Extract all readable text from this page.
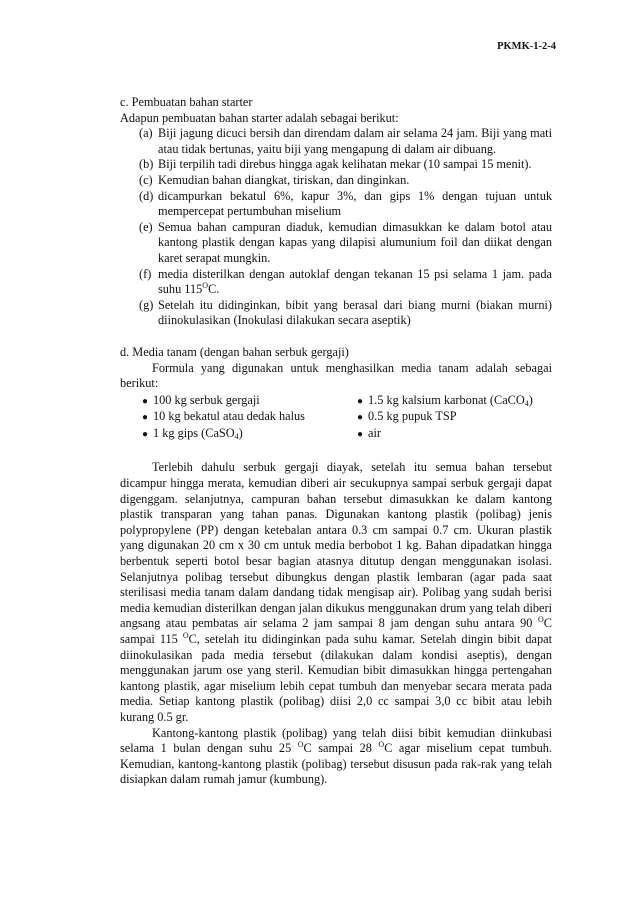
PKMK-1-2-4

c. Pembuatan bahan starter

Adapun pembuatan bahan starter adalah sebagai berikut:

(a) Biji jagung dicuci bersih dan direndam dalam air selama 24 jam. Biji yang mati atau tidak bertunas, yaitu biji yang mengapung di dalam air dibuang.
(b) Biji terpilih tadi direbus hingga agak kelihatan mekar (10 sampai 15 menit).
(c) Kemudian bahan diangkat, tiriskan, dan dinginkan.
(d) dicampurkan bekatul 6%, kapur 3%, dan gips 1% dengan tujuan untuk mempercepat pertumbuhan miselium
(e) Semua bahan campuran diaduk, kemudian dimasukkan ke dalam botol atau kantong plastik dengan kapas yang dilapisi alumunium foil dan diikat dengan karet serapat mungkin.
(f) media disterilkan dengan autoklaf dengan tekanan 15 psi selama 1 jam. pada suhu $115^OC$.
(g) Setelah itu didinginkan, bibit yang berasal dari biang murni (biakan murni) diinokulasikan (Inokulasi dilakukan secara aseptik)

d. Media tanam (dengan bahan serbuk gergaji)

Formula yang digunakan untuk menghasilkan media tanam adalah sebagai berikut:

● 100 kg serbuk gergaji	● 1.5 kg kalsium karbonat (CaCO$_4$)
● 10 kg bekatul atau dedak halus	● 0.5 kg pupuk TSP
● 1 kg gips (CaSO$_4$)	● air

Terlebih dahulu serbuk gergaji diayak, setelah itu semua bahan tersebut dicampur hingga merata, kemudian diberi air secukupnya sampai serbuk gergaji dapat digenggam. selanjutnya, campuran bahan tersebut dimasukkan ke dalam kantong plastik transparan yang tahan panas. Digunakan kantong plastik (polibag) jenis polypropylene (PP) dengan ketebalan antara 0.3 cm sampai 0.7 cm. Ukuran plastik yang digunakan 20 cm x 30 cm untuk media berbobot 1 kg. Bahan dipadatkan hingga berbentuk seperti botol besar bagian atasnya ditutup dengan menggunakan isolasi. Selanjutnya polibag tersebut dibungkus dengan plastik lembaran (agar pada saat sterilisasi media tanam dalam dandang tidak mengisap air). Polibag yang sudah berisi media kemudian disterilkan dengan jalan dikukus menggunakan drum yang telah diberi angsang atau pembatas air selama 2 jam sampai 8 jam dengan suhu antara 90 $^O$C sampai 115 $^O$C, setelah itu didinginkan pada suhu kamar. Setelah dingin bibit dapat diinokulasikan pada media tersebut (dilakukan dalam kondisi aseptis), dengan menggunakan jarum ose yang steril. Kemudian bibit dimasukkan hingga pertengahan kantong plastik, agar miselium lebih cepat tumbuh dan menyebar secara merata pada media. Setiap kantong plastik (polibag) diisi 2,0 cc sampai 3,0 cc bibit atau lebih kurang 0.5 gr.

Kantong-kantong plastik (polibag) yang telah diisi bibit kemudian diinkubasi selama 1 bulan dengan suhu 25 $^O$C sampai 28 $^O$C agar miselium cepat tumbuh. Kemudian, kantong-kantong plastik (polibag) tersebut disusun pada rak-rak yang telah disiapkan dalam rumah jamur (kumbung).
